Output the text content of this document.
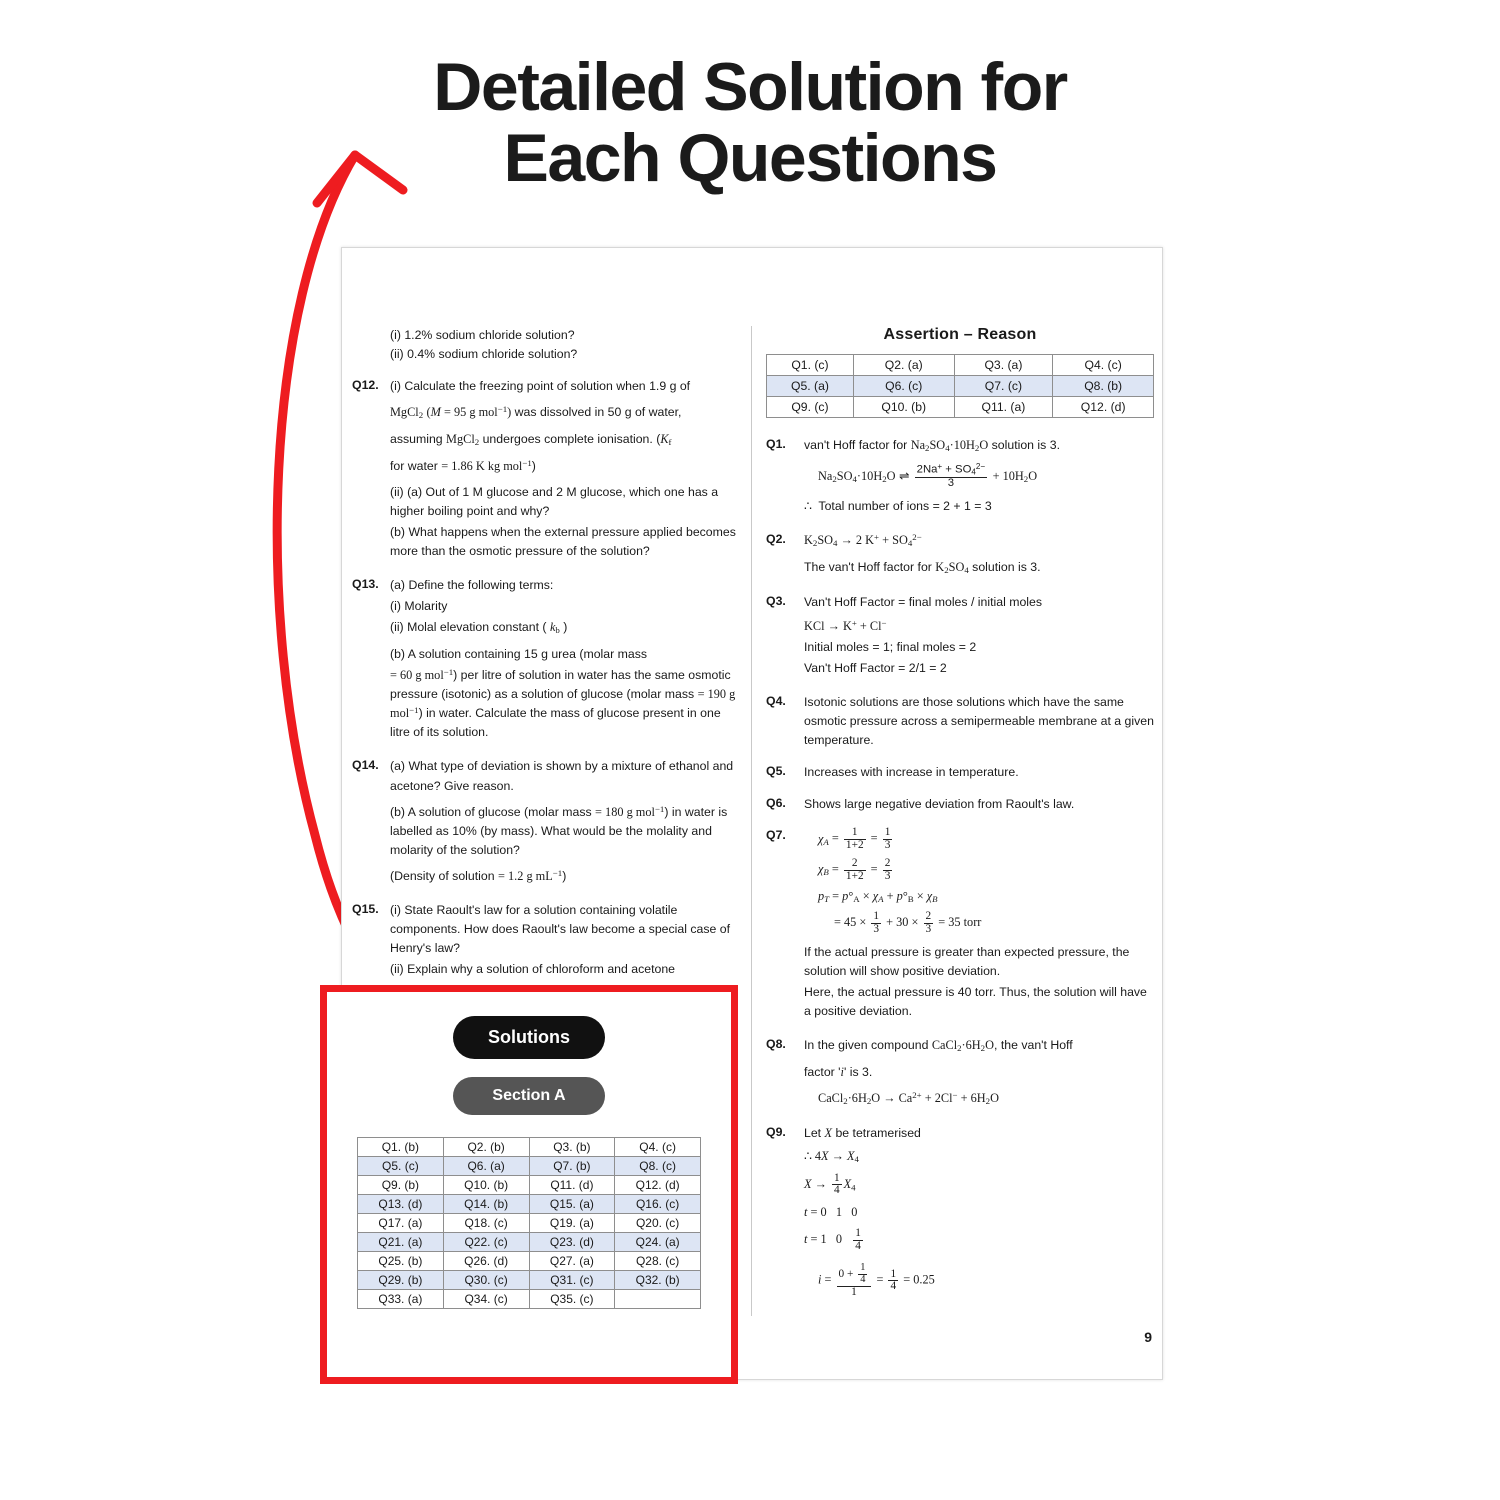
Detailed Solution for
Each Questions
(i) 1.2% sodium chloride solution?
(ii) 0.4% sodium chloride solution?
Q12. (i) Calculate the freezing point of solution when 1.9 g of

MgCl$_2$ (M = 95 g mol$^{-1}$) was dissolved in 50 g of water,

assuming MgCl$_2$ undergoes complete ionisation. ($K_f$

for water = 1.86 K kg mol$^{-1}$)

(ii) (a) Out of 1 M glucose and 2 M glucose, which one has a higher boiling point and why?

(b) What happens when the external pressure applied becomes more than the osmotic pressure of the solution?

Q13. (a) Define the following terms:

(i) Molarity

(ii) Molal elevation constant ( $k_b$ )

(b) A solution containing 15 g urea (molar mass

= 60 g mol$^{-1}$) per litre of solution in water has the same osmotic pressure (isotonic) as a solution of glucose (molar mass = 190 g mol$^{-1}$) in water. Calculate the mass of glucose present in one litre of its solution.

Q14. (a) What type of deviation is shown by a mixture of ethanol and acetone? Give reason.

(b) A solution of glucose (molar mass = 180 g mol$^{-1}$) in water is labelled as 10% (by mass). What would be the molality and molarity of the solution?

(Density of solution = 1.2 g $mL^{-1}$)

Q15. (i) State Raoult's law for a solution containing volatile components. How does Raoult's law become a special case of Henry's law?

(ii) Explain why a solution of chloroform and acetone

Assertion – Reason
Q1. (c)	Q2. (a)	Q3. (a)	Q4. (c)
Q5. (a)	Q6. (c)	Q7. (c)	Q8. (b)
Q9. (c)	Q10. (b)	Q11. (a)	Q12. (d)
Q1.	van't Hoff factor for $Na_2SO_4\cdot 10H_2O$ solution is 3.

$Na_2SO_4\cdot 10H_2O$ ⇌ $\frac{2Na^+ + SO_4^{2-}}{3} + 10H_2O$

∴  Total number of ions = 2 + 1 = 3

Q2.	$K_2SO_4 \to 2$ $K^+ + SO_4^{2-}$

The van't Hoff factor for $K_2SO_4$ solution is 3.

Q3.	Van't Hoff Factor = final moles / initial moles

KCl → K+ + Cl−

Initial moles = 1; final moles = 2

Van't Hoff Factor = 2/1 = 2

Q4.	Isotonic solutions are those solutions which have the same osmotic pressure across a semipermeable membrane at a given temperature.
Q5.	Increases with increase in temperature.
Q6.	Shows large negative deviation from Raoult's law.
Q7.	$\chi_A = \frac{1}{1+2} = \frac{1}{3}$

$\chi_B = \frac{2}{1+2} = \frac{2}{3}$

$p_T = p^\circ_A \times \chi_A + p^\circ_B \times \chi_B$

= $45 \times \frac{1}{3} + 30 \times \frac{2}{3} = 35$ torr

If the actual pressure is greater than expected pressure, the solution will show positive deviation.

Here, the actual pressure is 40 torr. Thus, the solution will have a positive deviation.

Q8.	In the given compound $CaCl_2\cdot 6H_2O$, the van't Hoff

factor 'i' is 3.

$CaCl_2\cdot 6H_2O \to Ca^{2+} + 2Cl^- + 6H_2O$

Q9.	Let X be tetramerised

∴ $4X \to X_4$

$X \to \frac{1}{4} X_4$

t = 0   1   0

t = 1   $0 \frac{1}{4}$

$i = \frac{0 + \frac{1}{4}}{1} = \frac{1}{4} = 0.25$

9
Solutions
Section A
Q1. (b)	Q2. (b)	Q3. (b)	Q4. (c)
Q5. (c)	Q6. (a)	Q7. (b)	Q8. (c)
Q9. (b)	Q10. (b)	Q11. (d)	Q12. (d)
Q13. (d)	Q14. (b)	Q15. (a)	Q16. (c)
Q17. (a)	Q18. (c)	Q19. (a)	Q20. (c)
Q21. (a)	Q22. (c)	Q23. (d)	Q24. (a)
Q25. (b)	Q26. (d)	Q27. (a)	Q28. (c)
Q29. (b)	Q30. (c)	Q31. (c)	Q32. (b)
Q33. (a)	Q34. (c)	Q35. (c)	
